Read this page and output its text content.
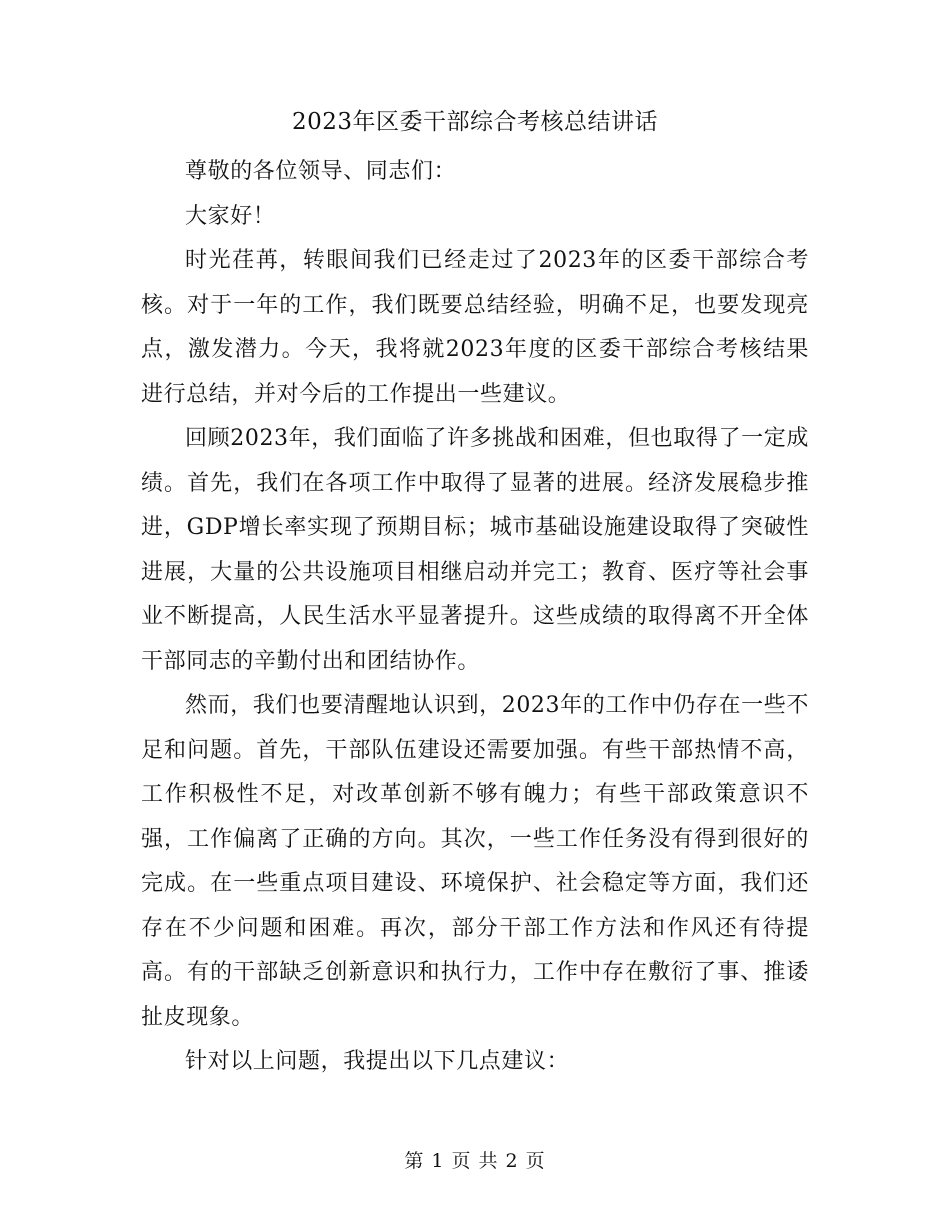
2023年区委干部综合考核总结讲话

尊敬的各位领导、同志们：

大家好！

时光荏苒，转眼间我们已经走过了2023年的区委干部综合考核。对于一年的工作，我们既要总结经验，明确不足，也要发现亮点，激发潜力。今天，我将就2023年度的区委干部综合考核结果进行总结，并对今后的工作提出一些建议。

回顾2023年，我们面临了许多挑战和困难，但也取得了一定成绩。首先，我们在各项工作中取得了显著的进展。经济发展稳步推进，GDP增长率实现了预期目标；城市基础设施建设取得了突破性进展，大量的公共设施项目相继启动并完工；教育、医疗等社会事业不断提高，人民生活水平显著提升。这些成绩的取得离不开全体干部同志的辛勤付出和团结协作。

然而，我们也要清醒地认识到，2023年的工作中仍存在一些不足和问题。首先，干部队伍建设还需要加强。有些干部热情不高，工作积极性不足，对改革创新不够有魄力；有些干部政策意识不强，工作偏离了正确的方向。其次，一些工作任务没有得到很好的完成。在一些重点项目建设、环境保护、社会稳定等方面，我们还存在不少问题和困难。再次，部分干部工作方法和作风还有待提高。有的干部缺乏创新意识和执行力，工作中存在敷衍了事、推诿扯皮现象。

针对以上问题，我提出以下几点建议：

第 1 页 共 2 页
